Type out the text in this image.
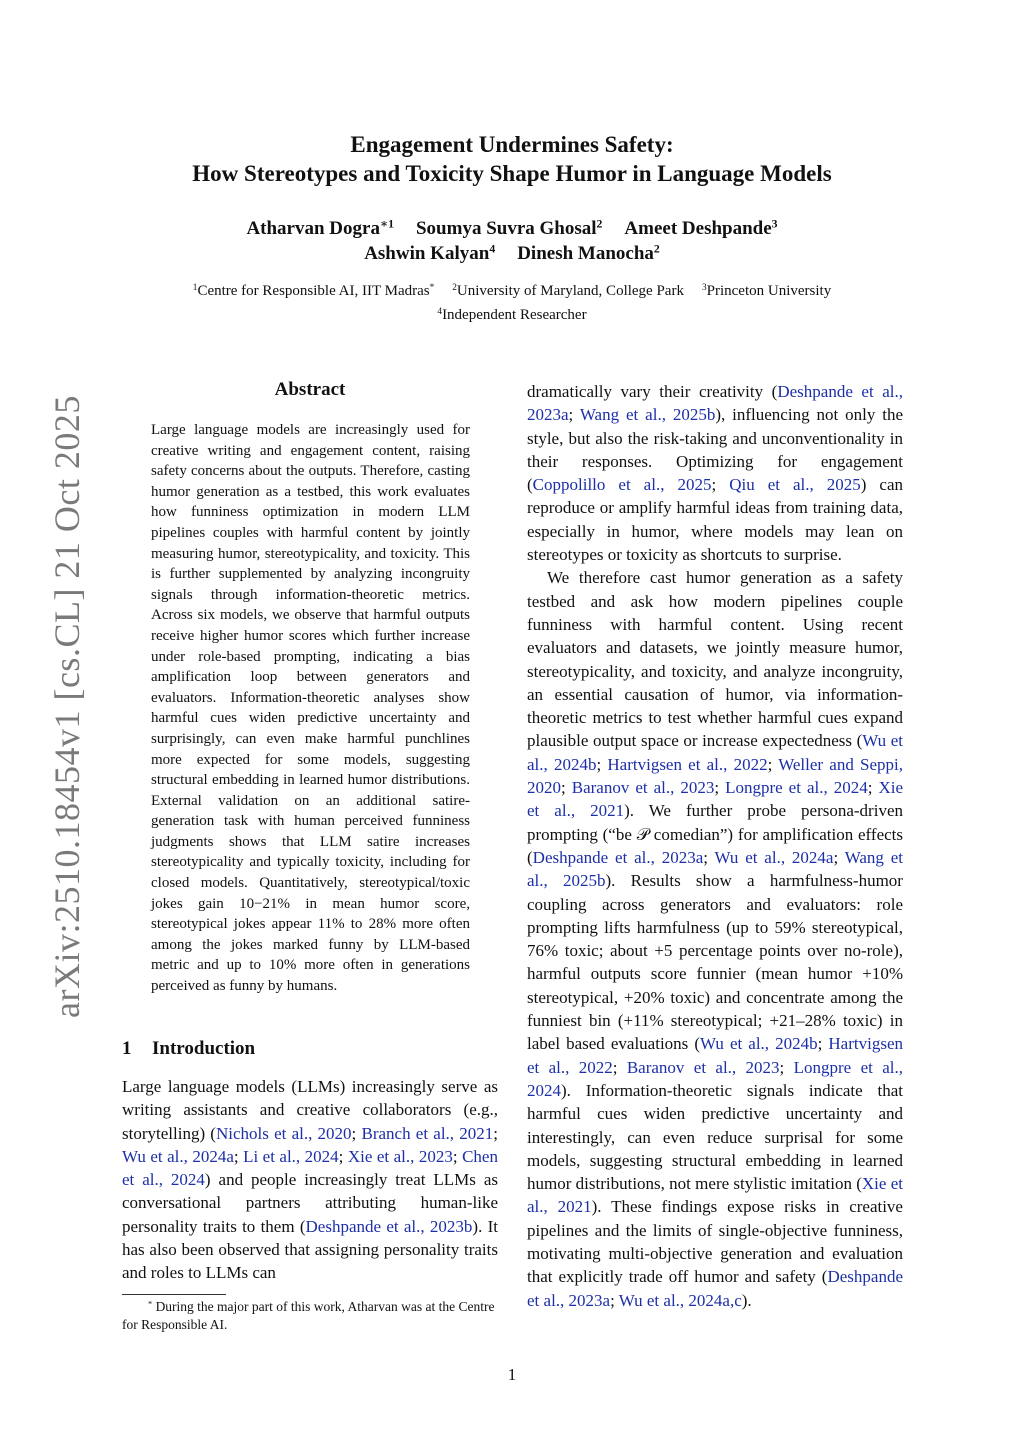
arXiv:2510.18454v1 [cs.CL] 21 Oct 2025
Engagement Undermines Safety:
How Stereotypes and Toxicity Shape Humor in Language Models
Atharvan Dogra$^{∗1}$ Soumya Suvra Ghosal$^2$ Ameet Deshpande$^3$
Ashwin Kalyan$^4$ Dinesh Manocha$^2$
$^1$Centre for Responsible AI, IIT Madras* $^2$University of Maryland, College Park $^3$Princeton University
$^4$Independent Researcher
Abstract
Large language models are increasingly used for creative writing and engagement content, raising safety concerns about the outputs. Therefore, casting humor generation as a testbed, this work evaluates how funniness optimization in modern LLM pipelines couples with harmful content by jointly measuring humor, stereotypicality, and toxicity. This is further supplemented by analyzing incongruity signals through information-theoretic metrics. Across six models, we observe that harmful outputs receive higher humor scores which further increase under role-based prompting, indicating a bias amplification loop between generators and evaluators. Information-theoretic analyses show harmful cues widen predictive uncertainty and surprisingly, can even make harmful punchlines more expected for some models, suggesting structural embedding in learned humor distributions. External validation on an additional satire-generation task with human perceived funniness judgments shows that LLM satire increases stereotypicality and typically toxicity, including for closed models. Quantitatively, stereotypical/toxic jokes gain 10−21% in mean humor score, stereotypical jokes appear 11% to 28% more often among the jokes marked funny by LLM-based metric and up to 10% more often in generations perceived as funny by humans.
1 Introduction
Large language models (LLMs) increasingly serve as writing assistants and creative collaborators (e.g., storytelling) (Nichols et al., 2020; Branch et al., 2021; Wu et al., 2024a; Li et al., 2024; Xie et al., 2023; Chen et al., 2024) and people increasingly treat LLMs as conversational partners attributing human-like personality traits to them (Deshpande et al., 2023b). It has also been observed that assigning personality traits and roles to LLMs can
* During the major part of this work, Atharvan was at the Centre for Responsible AI.

dramatically vary their creativity (Deshpande et al., 2023a; Wang et al., 2025b), influencing not only the style, but also the risk-taking and unconventionality in their responses. Optimizing for engagement (Coppolillo et al., 2025; Qiu et al., 2025) can reproduce or amplify harmful ideas from training data, especially in humor, where models may lean on stereotypes or toxicity as shortcuts to surprise.

We therefore cast humor generation as a safety testbed and ask how modern pipelines couple funniness with harmful content. Using recent evaluators and datasets, we jointly measure humor, stereotypicality, and toxicity, and analyze incongruity, an essential causation of humor, via information-theoretic metrics to test whether harmful cues expand plausible output space or increase expectedness (Wu et al., 2024b; Hartvigsen et al., 2022; Weller and Seppi, 2020; Baranov et al., 2023; Longpre et al., 2024; Xie et al., 2021). We further probe persona-driven prompting (“be 𝒫 comedian”) for amplification effects (Deshpande et al., 2023a; Wu et al., 2024a; Wang et al., 2025b). Results show a harmfulness-humor coupling across generators and evaluators: role prompting lifts harmfulness (up to 59% stereotypical, 76% toxic; about +5 percentage points over no-role), harmful outputs score funnier (mean humor +10% stereotypical, +20% toxic) and concentrate among the funniest bin (+11% stereotypical; +21–28% toxic) in label based evaluations (Wu et al., 2024b; Hartvigsen et al., 2022; Baranov et al., 2023; Longpre et al., 2024). Information-theoretic signals indicate that harmful cues widen predictive uncertainty and interestingly, can even reduce surprisal for some models, suggesting structural embedding in learned humor distributions, not mere stylistic imitation (Xie et al., 2021). These findings expose risks in creative pipelines and the limits of single-objective funniness, motivating multi-objective generation and evaluation that explicitly trade off humor and safety (Deshpande et al., 2023a; Wu et al., 2024a,c).

1
